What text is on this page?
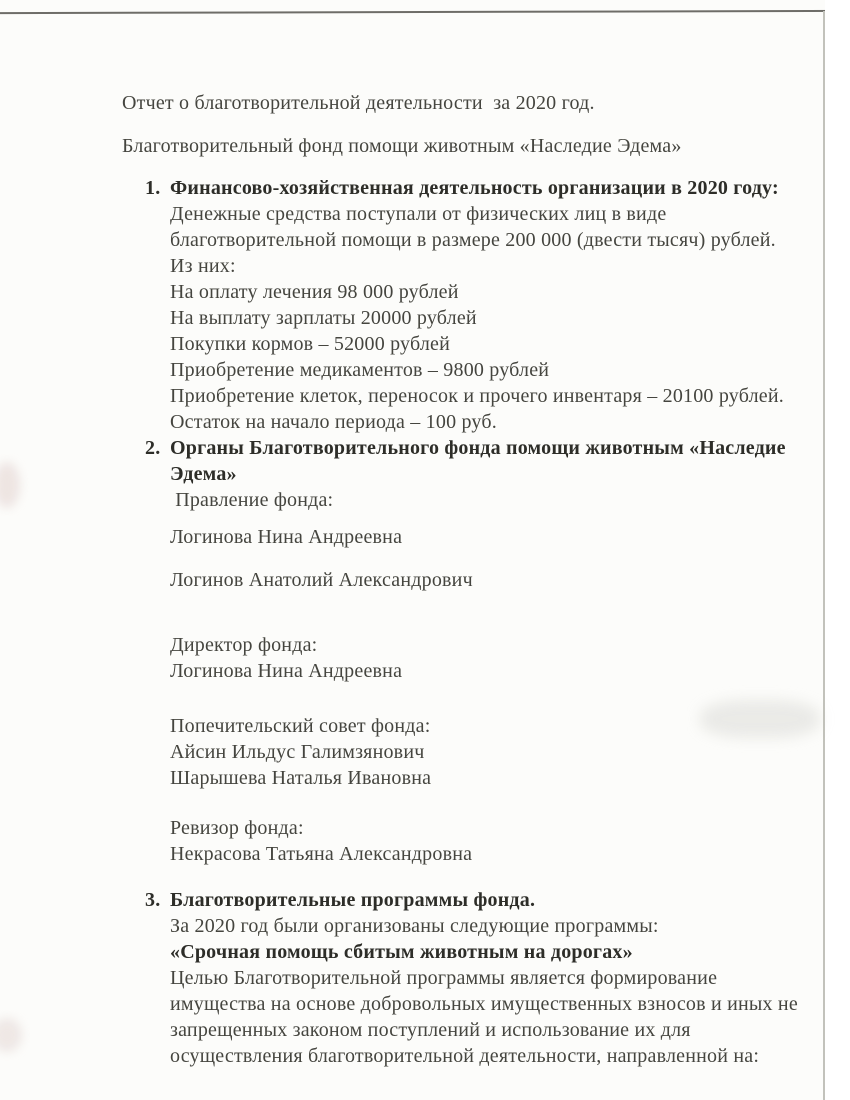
Отчет о благотворительной деятельности  за 2020 год.
Благотворительный фонд помощи животным «Наследие Эдема»
1. Финансово-хозяйственная деятельность организации в 2020 году:
Денежные средства поступали от физических лиц в виде
благотворительной помощи в размере 200 000 (двести тысяч) рублей.
Из них:
На оплату лечения 98 000 рублей
На выплату зарплаты 20000 рублей
Покупки кормов – 52000 рублей
Приобретение медикаментов – 9800 рублей
Приобретение клеток, переносок и прочего инвентаря – 20100 рублей.
Остаток на начало периода – 100 руб.
2. Органы Благотворительного фонда помощи животным «Наследие
Эдема»
Правление фонда:
Логинова Нина Андреевна
Логинов Анатолий Александрович
Директор фонда:
Логинова Нина Андреевна
Попечительский совет фонда:
Айсин Ильдус Галимзянович
Шарышева Наталья Ивановна
Ревизор фонда:
Некрасова Татьяна Александровна
3. Благотворительные программы фонда.
За 2020 год были организованы следующие программы:
«Срочная помощь сбитым животным на дорогах»
Целью Благотворительной программы является формирование
имущества на основе добровольных имущественных взносов и иных не
запрещенных законом поступлений и использование их для
осуществления благотворительной деятельности, направленной на:
